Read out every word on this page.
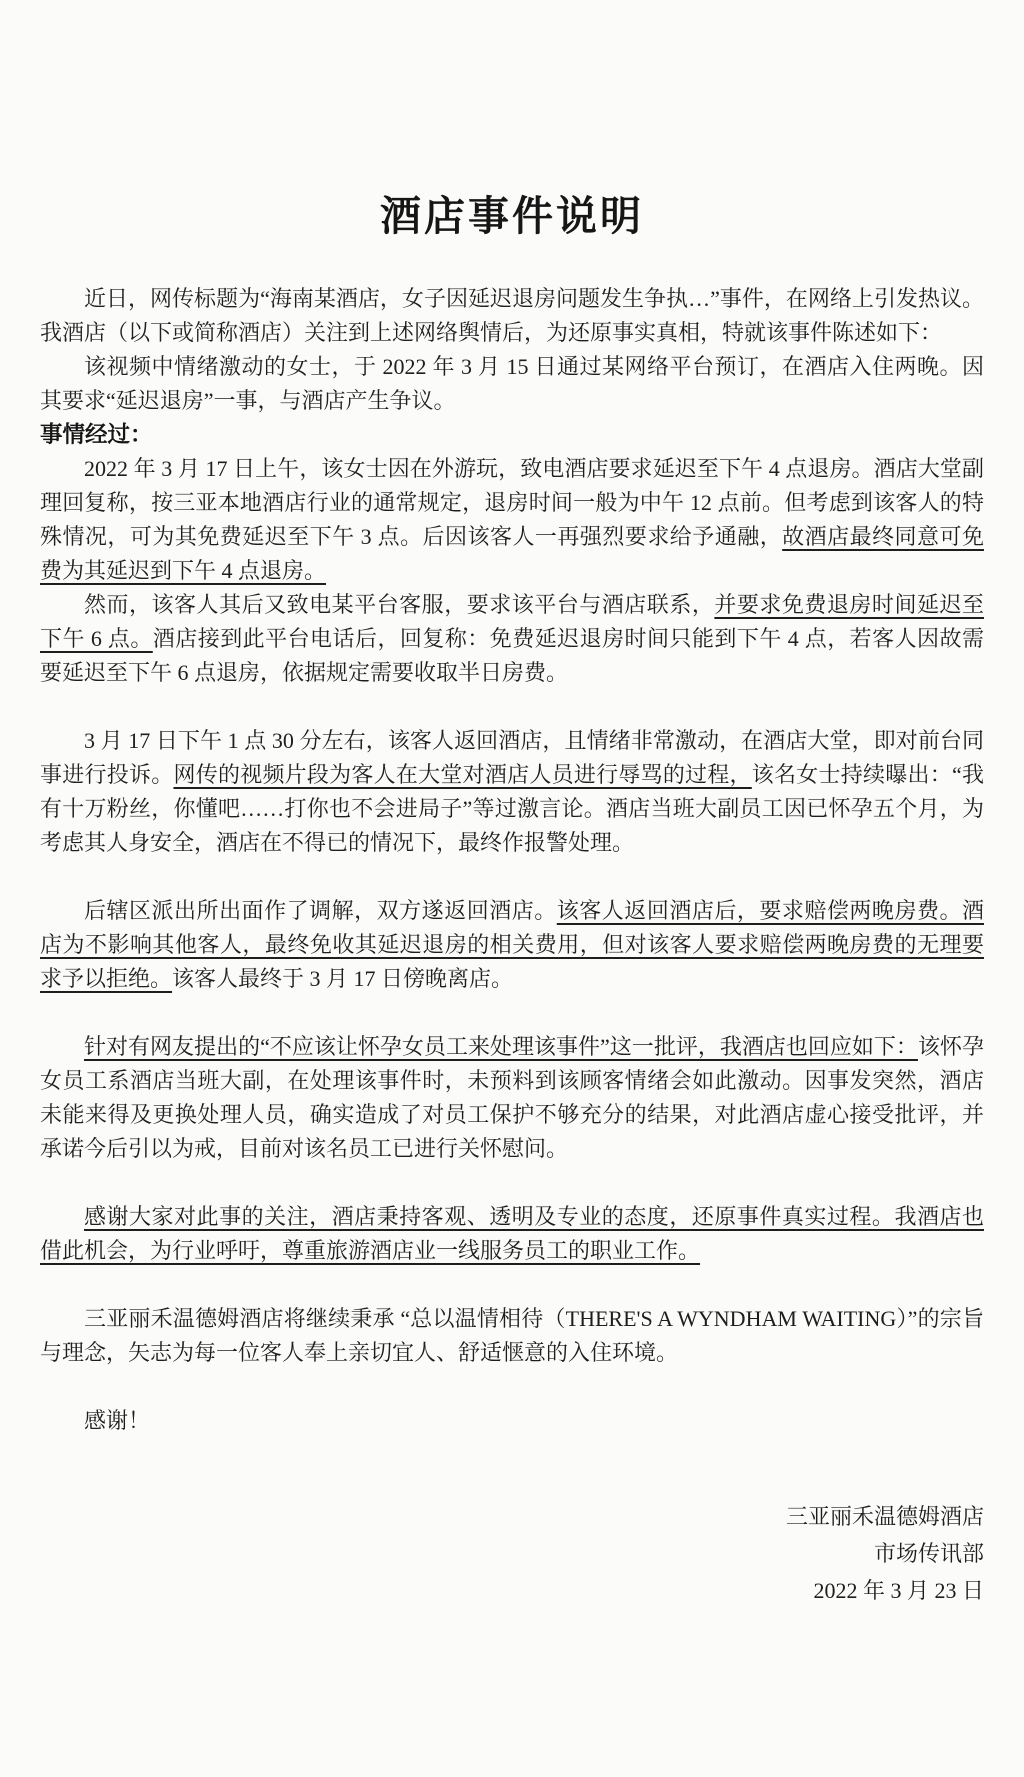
酒店事件说明

近日，网传标题为“海南某酒店，女子因延迟退房问题发生争执…”事件，在网络上引发热议。我酒店（以下或简称酒店）关注到上述网络舆情后，为还原事实真相，特就该事件陈述如下：

该视频中情绪激动的女士，于 2022 年 3 月 15 日通过某网络平台预订，在酒店入住两晚。因其要求“延迟退房”一事，与酒店产生争议。

事情经过：

2022 年 3 月 17 日上午，该女士因在外游玩，致电酒店要求延迟至下午 4 点退房。酒店大堂副理回复称，按三亚本地酒店行业的通常规定，退房时间一般为中午 12 点前。但考虑到该客人的特殊情况，可为其免费延迟至下午 3 点。后因该客人一再强烈要求给予通融，故酒店最终同意可免费为其延迟到下午 4 点退房。

然而，该客人其后又致电某平台客服，要求该平台与酒店联系，并要求免费退房时间延迟至下午 6 点。酒店接到此平台电话后，回复称：免费延迟退房时间只能到下午 4 点，若客人因故需要延迟至下午 6 点退房，依据规定需要收取半日房费。

3 月 17 日下午 1 点 30 分左右，该客人返回酒店，且情绪非常激动，在酒店大堂，即对前台同事进行投诉。网传的视频片段为客人在大堂对酒店人员进行辱骂的过程，该名女士持续曝出：“我有十万粉丝，你懂吧……打你也不会进局子”等过激言论。酒店当班大副员工因已怀孕五个月，为考虑其人身安全，酒店在不得已的情况下，最终作报警处理。

后辖区派出所出面作了调解，双方遂返回酒店。该客人返回酒店后，要求赔偿两晚房费。酒店为不影响其他客人，最终免收其延迟退房的相关费用，但对该客人要求赔偿两晚房费的无理要求予以拒绝。该客人最终于 3 月 17 日傍晚离店。

针对有网友提出的“不应该让怀孕女员工来处理该事件”这一批评，我酒店也回应如下：该怀孕女员工系酒店当班大副，在处理该事件时，未预料到该顾客情绪会如此激动。因事发突然，酒店未能来得及更换处理人员，确实造成了对员工保护不够充分的结果，对此酒店虚心接受批评，并承诺今后引以为戒，目前对该名员工已进行关怀慰问。

感谢大家对此事的关注，酒店秉持客观、透明及专业的态度，还原事件真实过程。我酒店也借此机会，为行业呼吁，尊重旅游酒店业一线服务员工的职业工作。

三亚丽禾温德姆酒店将继续秉承 “总以温情相待（THERE'S A WYNDHAM WAITING）”的宗旨与理念，矢志为每一位客人奉上亲切宜人、舒适惬意的入住环境。

感谢！

三亚丽禾温德姆酒店
市场传讯部
2022 年 3 月 23 日
